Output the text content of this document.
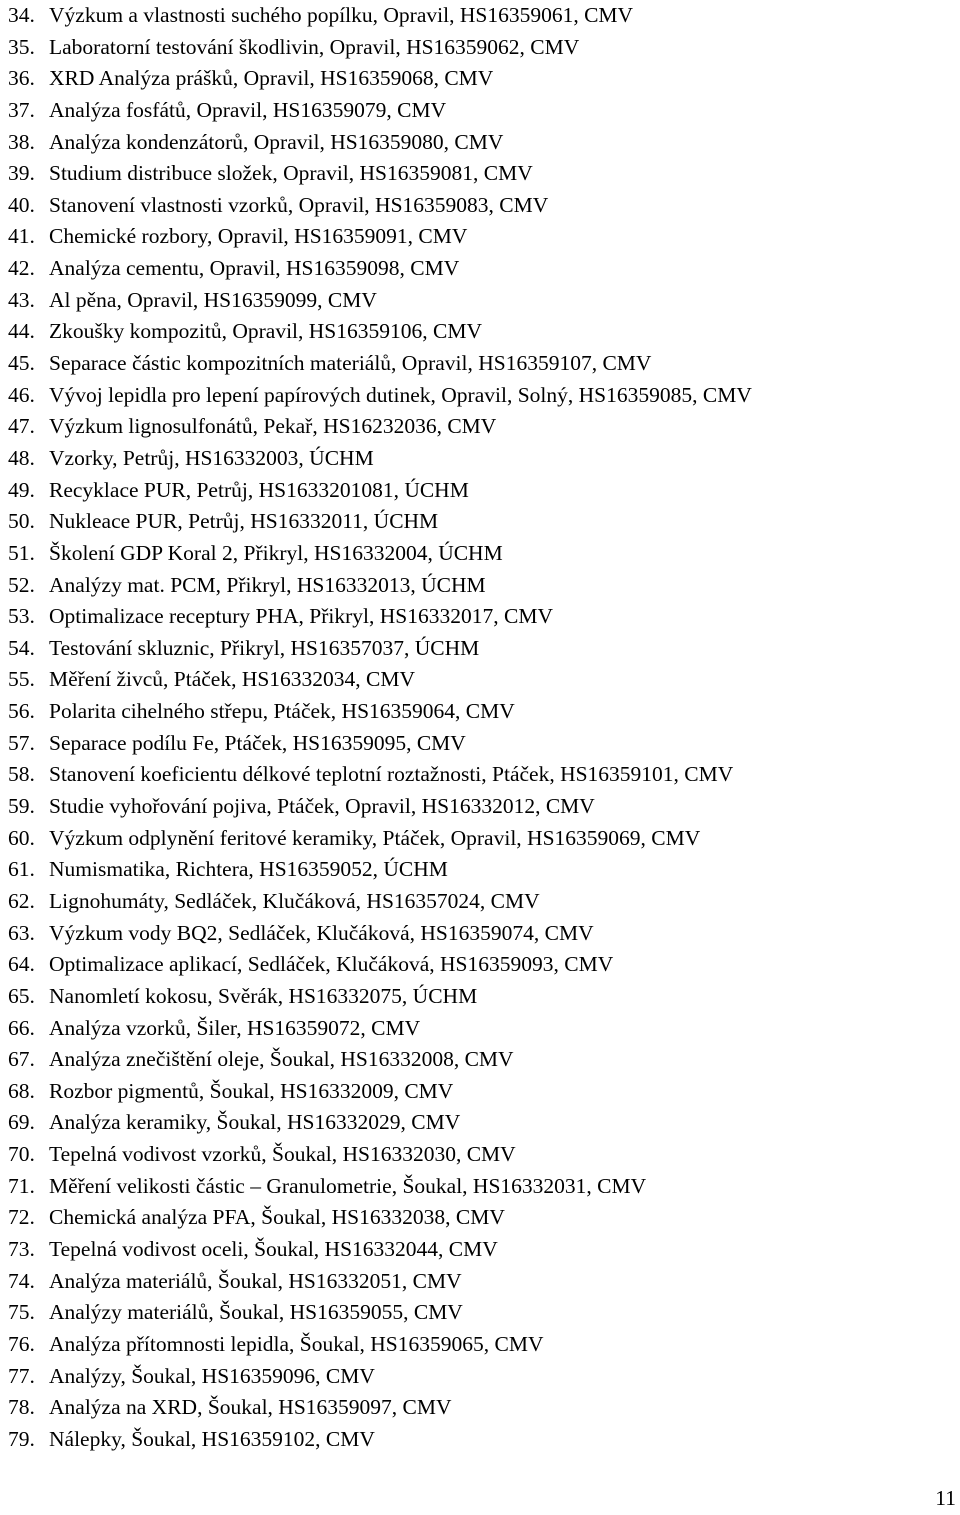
34. Výzkum a vlastnosti suchého popílku, Opravil, HS16359061, CMV
35. Laboratorní testování škodlivin, Opravil, HS16359062, CMV
36. XRD Analýza prášků, Opravil, HS16359068, CMV
37. Analýza fosfátů, Opravil, HS16359079, CMV
38. Analýza kondenzátorů, Opravil, HS16359080, CMV
39. Studium distribuce složek, Opravil, HS16359081, CMV
40. Stanovení vlastnosti vzorků, Opravil, HS16359083, CMV
41. Chemické rozbory, Opravil, HS16359091, CMV
42. Analýza cementu, Opravil, HS16359098, CMV
43. Al pěna, Opravil, HS16359099, CMV
44. Zkoušky kompozitů, Opravil, HS16359106, CMV
45. Separace částic kompozitních materiálů, Opravil, HS16359107, CMV
46. Vývoj lepidla pro lepení papírových dutinek, Opravil, Solný, HS16359085, CMV
47. Výzkum lignosulfonátů, Pekař, HS16232036, CMV
48. Vzorky, Petrůj, HS16332003, ÚCHM
49. Recyklace PUR, Petrůj, HS1633201081, ÚCHM
50. Nukleace PUR, Petrůj, HS16332011, ÚCHM
51. Školení GDP Koral 2, Přikryl, HS16332004, ÚCHM
52. Analýzy mat. PCM, Přikryl, HS16332013, ÚCHM
53. Optimalizace receptury PHA, Přikryl, HS16332017, CMV
54. Testování skluznic, Přikryl, HS16357037, ÚCHM
55. Měření živců, Ptáček, HS16332034, CMV
56. Polarita cihelného střepu, Ptáček, HS16359064, CMV
57. Separace podílu Fe, Ptáček, HS16359095, CMV
58. Stanovení koeficientu délkové teplotní roztažnosti, Ptáček, HS16359101, CMV
59. Studie vyhořování pojiva, Ptáček, Opravil, HS16332012, CMV
60. Výzkum odplynění feritové keramiky, Ptáček, Opravil, HS16359069, CMV
61. Numismatika, Richtera, HS16359052, ÚCHM
62. Lignohumáty, Sedláček, Klučáková, HS16357024, CMV
63. Výzkum vody BQ2, Sedláček, Klučáková, HS16359074, CMV
64. Optimalizace aplikací, Sedláček, Klučáková, HS16359093, CMV
65. Nanomletí kokosu, Svěrák, HS16332075, ÚCHM
66. Analýza vzorků, Šiler, HS16359072, CMV
67. Analýza znečištění oleje, Šoukal, HS16332008, CMV
68. Rozbor pigmentů, Šoukal, HS16332009, CMV
69. Analýza keramiky, Šoukal, HS16332029, CMV
70. Tepelná vodivost vzorků, Šoukal, HS16332030, CMV
71. Měření velikosti částic – Granulometrie, Šoukal, HS16332031, CMV
72. Chemická analýza PFA, Šoukal, HS16332038, CMV
73. Tepelná vodivost oceli, Šoukal, HS16332044, CMV
74. Analýza materiálů, Šoukal, HS16332051, CMV
75. Analýzy materiálů, Šoukal, HS16359055, CMV
76. Analýza přítomnosti lepidla, Šoukal, HS16359065, CMV
77. Analýzy, Šoukal, HS16359096, CMV
78. Analýza na XRD, Šoukal, HS16359097, CMV
79. Nálepky, Šoukal, HS16359102, CMV
11
